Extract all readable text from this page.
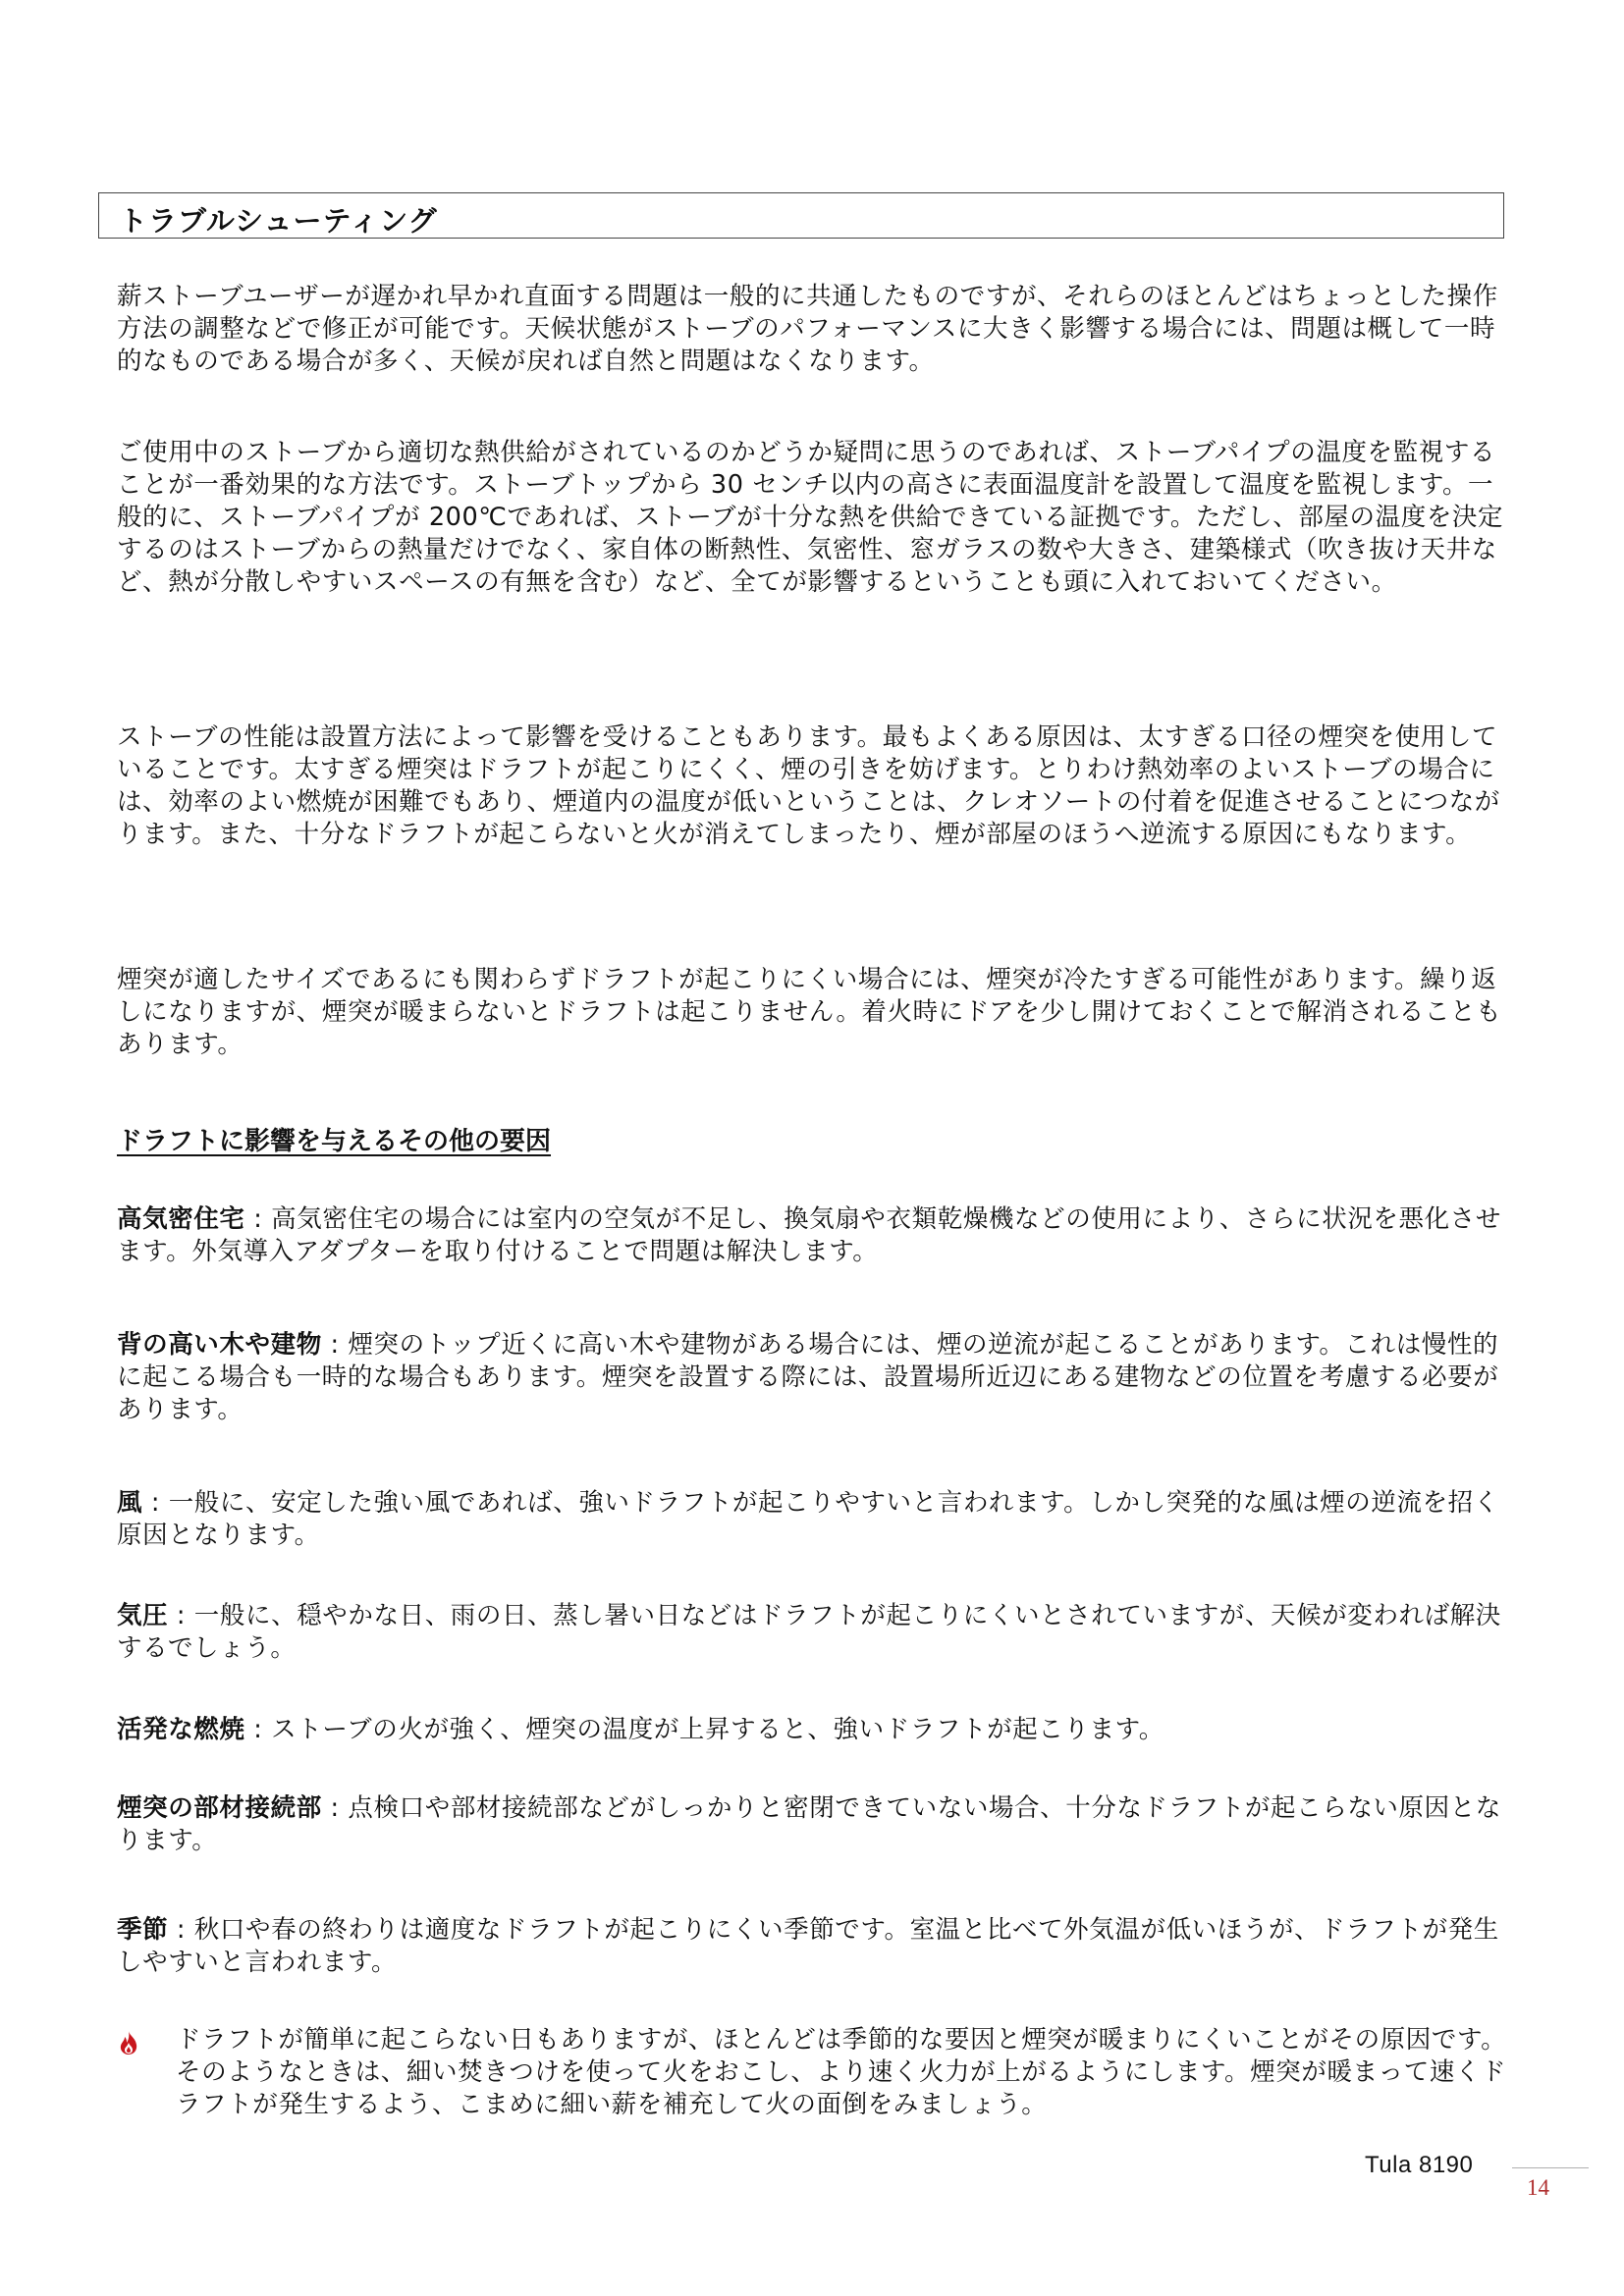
トラブルシューティング

薪ストーブユーザーが遅かれ早かれ直面する問題は一般的に共通したものですが、それらのほとんどはちょっとした操作方法の調整などで修正が可能です。天候状態がストーブのパフォーマンスに大きく影響する場合には、問題は概して一時的なものである場合が多く、天候が戻れば自然と問題はなくなります。

ご使用中のストーブから適切な熱供給がされているのかどうか疑問に思うのであれば、ストーブパイプの温度を監視することが一番効果的な方法です。ストーブトップから 30 センチ以内の高さに表面温度計を設置して温度を監視します。一般的に、ストーブパイプが 200℃であれば、ストーブが十分な熱を供給できている証拠です。ただし、部屋の温度を決定するのはストーブからの熱量だけでなく、家自体の断熱性、気密性、窓ガラスの数や大きさ、建築様式（吹き抜け天井など、熱が分散しやすいスペースの有無を含む）など、全てが影響するということも頭に入れておいてください。

ストーブの性能は設置方法によって影響を受けることもあります。最もよくある原因は、太すぎる口径の煙突を使用していることです。太すぎる煙突はドラフトが起こりにくく、煙の引きを妨げます。とりわけ熱効率のよいストーブの場合には、効率のよい燃焼が困難でもあり、煙道内の温度が低いということは、クレオソートの付着を促進させることにつながります。また、十分なドラフトが起こらないと火が消えてしまったり、煙が部屋のほうへ逆流する原因にもなります。

煙突が適したサイズであるにも関わらずドラフトが起こりにくい場合には、煙突が冷たすぎる可能性があります。繰り返しになりますが、煙突が暖まらないとドラフトは起こりません。着火時にドアを少し開けておくことで解消されることもあります。

ドラフトに影響を与えるその他の要因

高気密住宅 : 高気密住宅の場合には室内の空気が不足し、換気扇や衣類乾燥機などの使用により、さらに状況を悪化させます。外気導入アダプターを取り付けることで問題は解決します。

背の高い木や建物 : 煙突のトップ近くに高い木や建物がある場合には、煙の逆流が起こることがあります。これは慢性的に起こる場合も一時的な場合もあります。煙突を設置する際には、設置場所近辺にある建物などの位置を考慮する必要があります。

風 : 一般に、安定した強い風であれば、強いドラフトが起こりやすいと言われます。しかし突発的な風は煙の逆流を招く原因となります。

気圧 : 一般に、穏やかな日、雨の日、蒸し暑い日などはドラフトが起こりにくいとされていますが、天候が変われば解決するでしょう。

活発な燃焼 : ストーブの火が強く、煙突の温度が上昇すると、強いドラフトが起こります。

煙突の部材接続部 : 点検口や部材接続部などがしっかりと密閉できていない場合、十分なドラフトが起こらない原因となります。

季節 : 秋口や春の終わりは適度なドラフトが起こりにくい季節です。室温と比べて外気温が低いほうが、ドラフトが発生しやすいと言われます。

ドラフトが簡単に起こらない日もありますが、ほとんどは季節的な要因と煙突が暖まりにくいことがその原因です。そのようなときは、細い焚きつけを使って火をおこし、より速く火力が上がるようにします。煙突が暖まって速くドラフトが発生するよう、こまめに細い薪を補充して火の面倒をみましょう。

Tula 8190
14
